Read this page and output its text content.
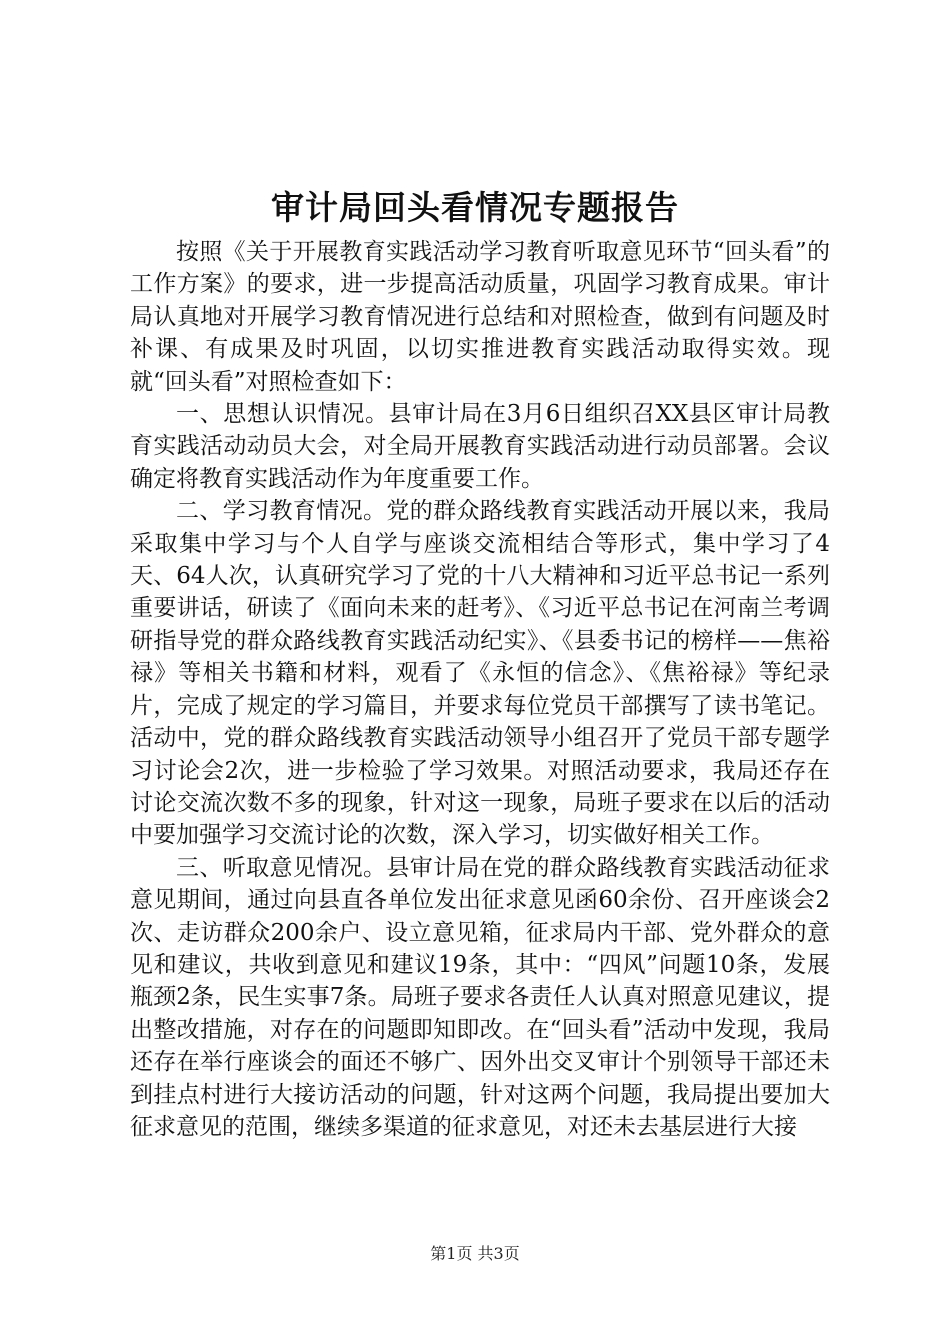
审计局回头看情况专题报告

按照《关于开展教育实践活动学习教育听取意见环节“回头看”的工作方案》的要求，进一步提高活动质量，巩固学习教育成果。审计局认真地对开展学习教育情况进行总结和对照检查，做到有问题及时补课、有成果及时巩固，以切实推进教育实践活动取得实效。现就“回头看”对照检查如下：

一、思想认识情况。县审计局在3月6日组织召XX县区审计局教育实践活动动员大会，对全局开展教育实践活动进行动员部署。会议确定将教育实践活动作为年度重要工作。

二、学习教育情况。党的群众路线教育实践活动开展以来，我局采取集中学习与个人自学与座谈交流相结合等形式，集中学习了4天、64人次，认真研究学习了党的十八大精神和习近平总书记一系列重要讲话，研读了《面向未来的赶考》、《习近平总书记在河南兰考调研指导党的群众路线教育实践活动纪实》、《县委书记的榜样——焦裕禄》等相关书籍和材料，观看了《永恒的信念》、《焦裕禄》等纪录片，完成了规定的学习篇目，并要求每位党员干部撰写了读书笔记。活动中，党的群众路线教育实践活动领导小组召开了党员干部专题学习讨论会2次，进一步检验了学习效果。对照活动要求，我局还存在讨论交流次数不多的现象，针对这一现象，局班子要求在以后的活动中要加强学习交流讨论的次数，深入学习，切实做好相关工作。

三、听取意见情况。县审计局在党的群众路线教育实践活动征求意见期间，通过向县直各单位发出征求意见函60余份、召开座谈会2次、走访群众200余户、设立意见箱，征求局内干部、党外群众的意见和建议，共收到意见和建议19条，其中：“四风”问题10条，发展瓶颈2条，民生实事7条。局班子要求各责任人认真对照意见建议，提出整改措施，对存在的问题即知即改。在“回头看”活动中发现，我局还存在举行座谈会的面还不够广、因外出交叉审计个别领导干部还未到挂点村进行大接访活动的问题，针对这两个问题，我局提出要加大征求意见的范围，继续多渠道的征求意见，对还未去基层进行大接

第1页 共3页
